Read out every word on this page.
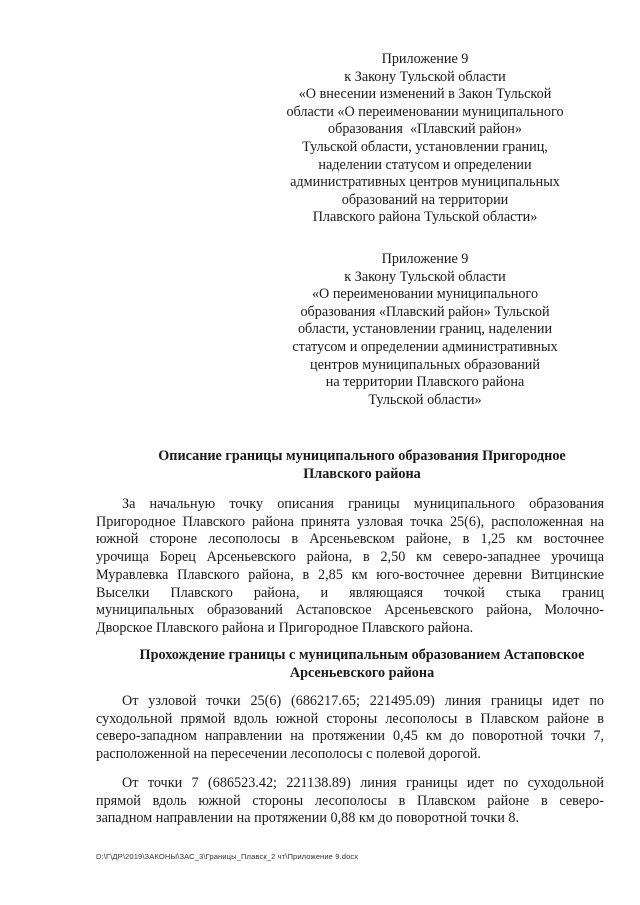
Приложение 9
к Закону Тульской области
«О внесении изменений в Закон Тульской
области «О переименовании муниципального
образования  «Плавский район»
Тульской области, установлении границ,
наделении статусом и определении
административных центров муниципальных
образований на территории
Плавского района Тульской области»
Приложение 9
к Закону Тульской области
«О переименовании муниципального
образования «Плавский район» Тульской
области, установлении границ, наделении
статусом и определении административных
центров муниципальных образований
на территории Плавского района
Тульской области»
Описание границы муниципального образования Пригородное
Плавского района
За начальную точку описания границы муниципального образования
Пригородное Плавского района принята узловая точка 25(6), расположенная на
южной стороне лесополосы в Арсеньевском районе, в 1,25 км восточнее
урочища Борец Арсеньевского района, в 2,50 км северо-западнее урочища
Муравлевка Плавского района, в 2,85 км юго-восточнее деревни Витцинские
Выселки Плавского района, и являющаяся точкой стыка границ
муниципальных образований Астаповское Арсеньевского района, Молочно-
Дворское Плавского района и Пригородное Плавского района.
Прохождение границы с муниципальным образованием Астаповское
Арсеньевского района
От узловой точки 25(6) (686217.65; 221495.09) линия границы идет по
суходольной прямой вдоль южной стороны лесополосы в Плавском районе в
северо-западном направлении на протяжении 0,45 км до поворотной точки 7,
расположенной на пересечении лесополосы с полевой дорогой.
От точки 7 (686523.42; 221138.89) линия границы идет по суходольной
прямой вдоль южной стороны лесополосы в Плавском районе в северо-
западном направлении на протяжении 0,88 км до поворотной точки 8.
D:\Г\ДР\2019\ЗАКОНЫ\ЗАС_3\Границы_Плавск_2 чт\Приложение 9.docx
